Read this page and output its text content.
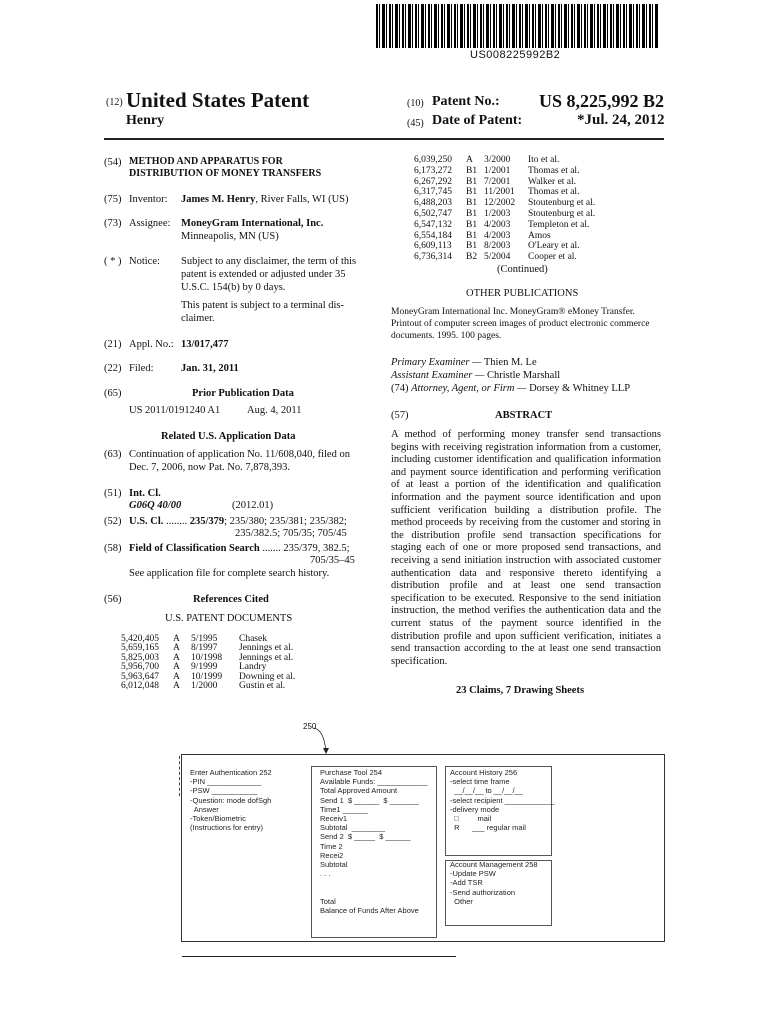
US008225992B2
(12) United States Patent
Henry
(10) Patent No.: US 8,225,992 B2
(45) Date of Patent:	*Jul. 24, 2012
(54) METHOD AND APPARATUS FOR
DISTRIBUTION OF MONEY TRANSFERS
(75) Inventor: James M. Henry, River Falls, WI (US)
(73) Assignee: MoneyGram International, Inc.
Minneapolis, MN (US)
( * ) Notice: Subject to any disclaimer, the term of this
patent is extended or adjusted under 35
U.S.C. 154(b) by 0 days.
This patent is subject to a terminal dis-
claimer.
(21) Appl. No.: 13/017,477
(22) Filed:	Jan. 31, 2011
(65)	Prior Publication Data
US 2011/0191240 A1	Aug. 4, 2011
Related U.S. Application Data
(63) Continuation of application No. 11/608,040, filed on
Dec. 7, 2006, now Pat. No. 7,878,393.
(51) Int. Cl.
G06Q 40/00	(2012.01)
(52) U.S. Cl. ........ 235/379; 235/380; 235/381; 235/382;
235/382.5; 705/35; 705/45
(58) Field of Classification Search ....... 235/379, 382.5;
705/35–45
See application file for complete search history.
(56)	References Cited
U.S. PATENT DOCUMENTS
5,420,405	A	5/1995	Chasek
5,659,165	A	8/1997	Jennings et al.
5,825,003	A	10/1998	Jennings et al.
5,956,700	A	9/1999	Landry
5,963,647	A	10/1999	Downing et al.
6,012,048	A	1/2000	Gustin et al.
6,039,250	A	3/2000	Ito et al.
6,173,272	B1 1/2001	Thomas et al.
6,267,292	B1 7/2001	Walker et al.
6,317,745	B1 11/2001	Thomas et al.
6,488,203	B1 12/2002	Stoutenburg et al.
6,502,747	B1 1/2003	Stoutenburg et al.
6,547,132	B1 4/2003	Templeton et al.
6,554,184	B1 4/2003	Amos
6,609,113	B1 8/2003	O'Leary et al.
6,736,314	B2 5/2004	Cooper et al.
(Continued)
OTHER PUBLICATIONS
MoneyGram International Inc. MoneyGram® eMoney Transfer.
Printout of computer screen images of product electronic commerce
documents. 1995. 100 pages.
Primary Examiner — Thien M. Le
Assistant Examiner — Christle Marshall
(74) Attorney, Agent, or Firm — Dorsey & Whitney LLP
(57)	ABSTRACT
A method of performing money transfer send transactions begins with receiving registration information from a customer, including customer identification and qualification information and payment source identification and performing verification of at least a portion of the identification and qualification information and the payment source identification and upon sufficient verification building a distribution profile. The method proceeds by receiving from the customer and storing in the distribution profile send transaction specifications for staging each of one or more proposed send transactions, and receiving a send initiation instruction with associated customer authentication data and responsive thereto identifying a distribution profile and at least one send transaction specification to be executed. Responsive to the send initiation instruction, the method verifies the authentication data and the current status of the payment source identified in the distribution profile and upon sufficient verification, initiates a send transaction according to the at least one send transaction specification.
23 Claims, 7 Drawing Sheets
250
Enter Authentication 252
-PIN _____________
-PSW ___________
-Question: mode dofSgh
Answer
-Token/Biometric
(Instructions for entry)
Purchase Tool 254
Available Funds: ____________
Total Approved Amount
Send 1  $ ______  $ _______
Time1 ______
Receiv1
Subtotal  ________
Send 2  $ _____  $ ______
Time 2
Recei2
Subtotal
. . .

Total
Balance of Funds After Above
Account History 256
-select time frame
__/__/__ to __/__/__
-select recipient ____________
-delivery mode
□         mail
R      ___ regular mail

Account Management 258
-Update PSW
-Add TSR
-Send authorization
Other
